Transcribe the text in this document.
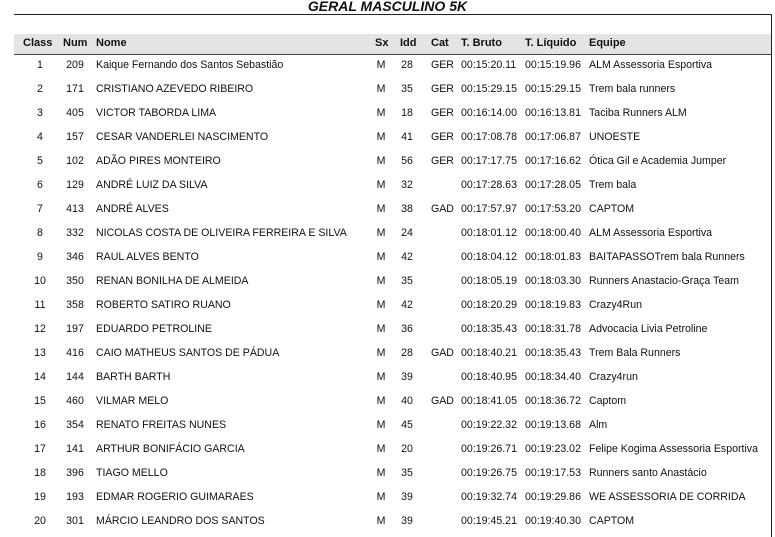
GERAL MASCULINO 5K
Class Num Nome	Sx Idd Cat T. Bruto T. Líquido Equipe
1	209	Kaique Fernando dos Santos Sebastião	M 28 GER 00:15:20.11 00:15:19.96 ALM Assessoria Esportiva
2	171	CRISTIANO AZEVEDO RIBEIRO	M 35 GER 00:15:29.15 00:15:29.15 Trem bala runners
3	405	VICTOR TABORDA LIMA	M 18 GER 00:16:14.00 00:16:13.81 Taciba Runners ALM
4	157	CESAR VANDERLEI NASCIMENTO	M 41 GER 00:17:08.78 00:17:06.87 UNOESTE
5	102	ADÃO PIRES MONTEIRO	M 56 GER 00:17:17.75 00:17:16.62 Ótica Gil e Academia Jumper
6	129	ANDRÉ LUIZ DA SILVA	M 32	00:17:28.63 00:17:28.05 Trem bala
7	413	ANDRÉ ALVES	M 38 GAD 00:17:57.97 00:17:53.20 CAPTOM
8	332	NICOLAS COSTA DE OLIVEIRA FERREIRA E SILVA	M 24	00:18:01.12 00:18:00.40 ALM Assessoria Esportiva
9	346	RAUL ALVES BENTO	M 42	00:18:04.12 00:18:01.83 BAITAPASSOTrem bala Runners
10	350	RENAN BONILHA DE ALMEIDA	M 35	00:18:05.19 00:18:03.30 Runners Anastacio-Graça Team
11	358	ROBERTO SATIRO RUANO	M 42	00:18:20.29 00:18:19.83 Crazy4Run
12	197	EDUARDO PETROLINE	M 36	00:18:35.43 00:18:31.78 Advocacia Livia Petroline
13	416	CAIO MATHEUS SANTOS DE PÁDUA	M 28 GAD 00:18:40.21 00:18:35.43 Trem Bala Runners
14	144	BARTH BARTH	M 39	00:18:40.95 00:18:34.40 Crazy4run
15	460	VILMAR MELO	M 40 GAD 00:18:41.05 00:18:36.72 Captom
16	354	RENATO FREITAS NUNES	M 45	00:19:22.32 00:19:13.68 Alm
17	141	ARTHUR BONIFÁCIO GARCIA	M 20	00:19:26.71 00:19:23.02 Felipe Kogima Assessoria Esportiva
18	396	TIAGO MELLO	M 35	00:19:26.75 00:19:17.53 Runners santo Anastácio
19	193	EDMAR ROGERIO GUIMARAES	M 39	00:19:32.74 00:19:29.86 WE ASSESSORIA DE CORRIDA
20	301	MÁRCIO LEANDRO DOS SANTOS	M 39	00:19:45.21 00:19:40.30 CAPTOM
